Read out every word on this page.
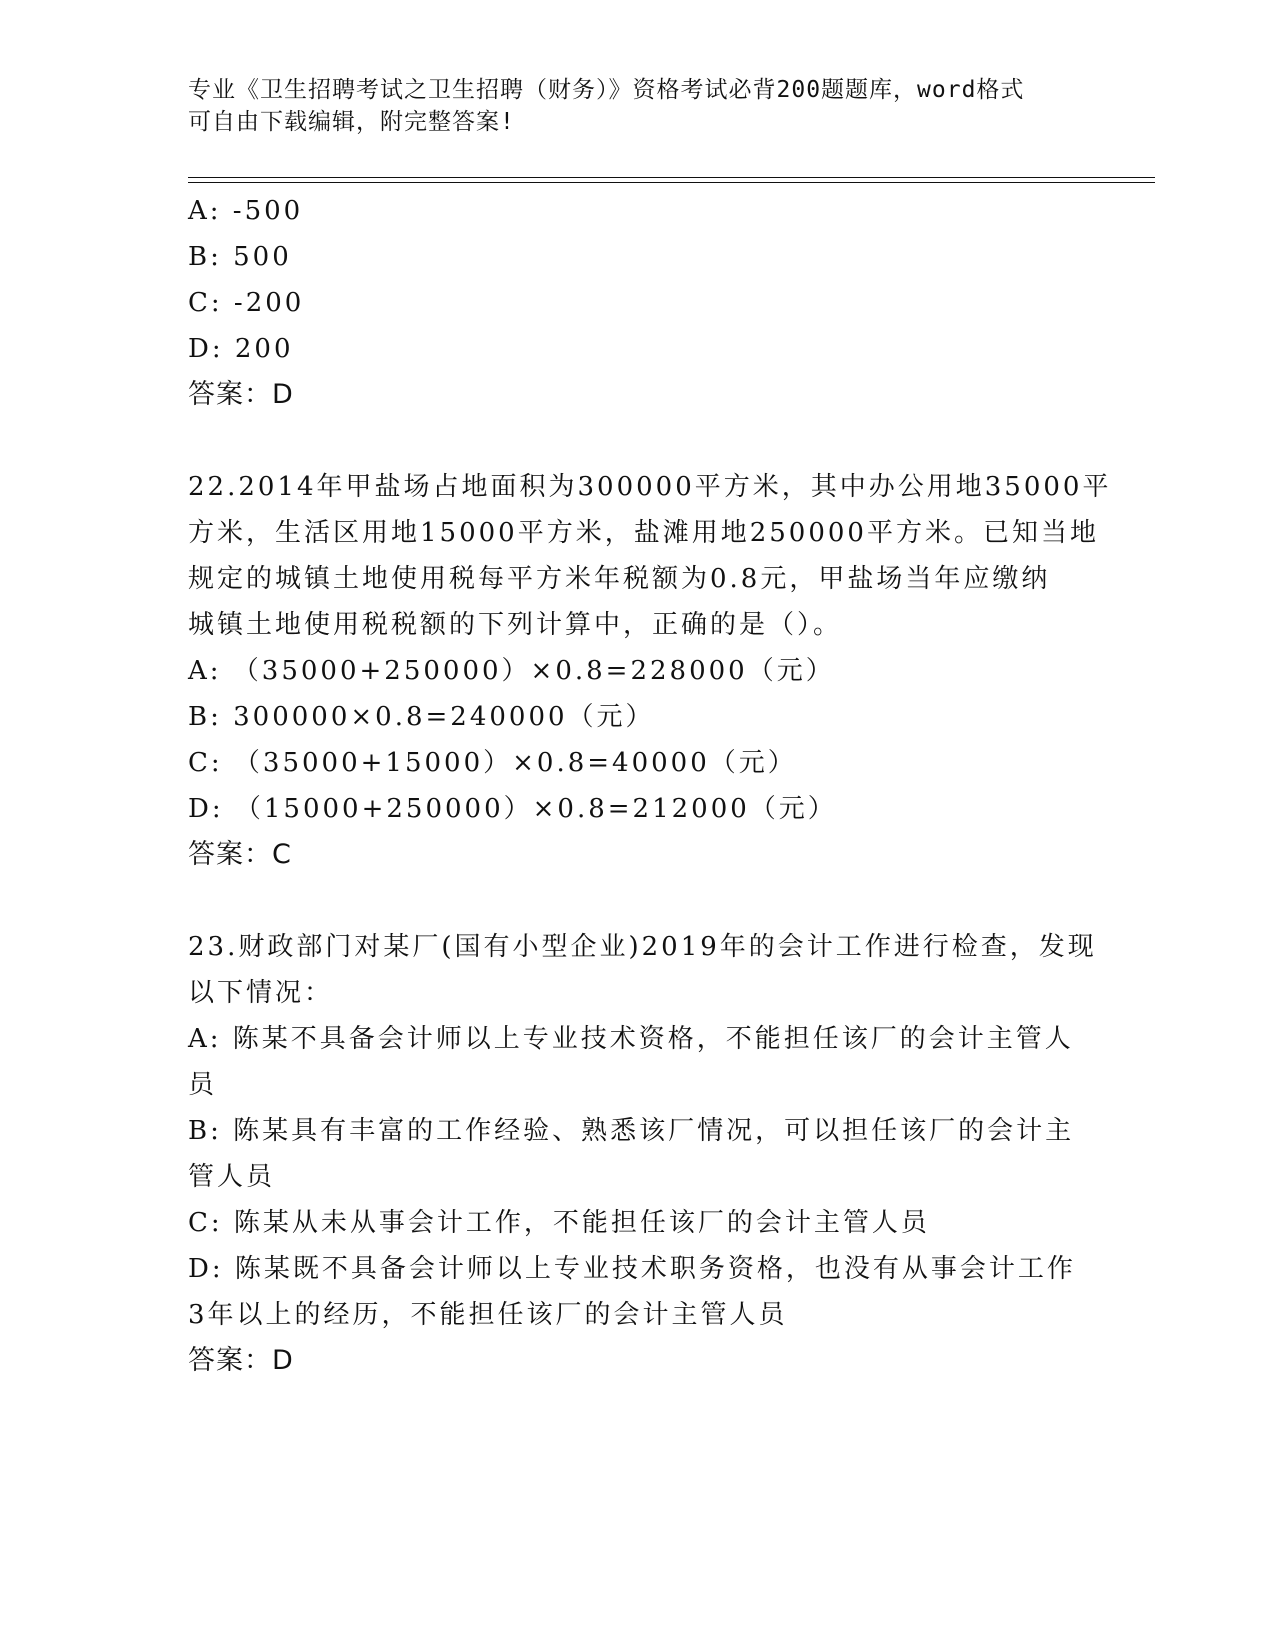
专业《卫生招聘考试之卫生招聘（财务）》资格考试必背200题题库，word格式
可自由下载编辑，附完整答案!

A: -500

B: 500

C: -200

D: 200

答案：D

22.2014年甲盐场占地面积为300000平方米，其中办公用地35000平

方米，生活区用地15000平方米，盐滩用地250000平方米。已知当地

规定的城镇土地使用税每平方米年税额为0.8元，甲盐场当年应缴纳

城镇土地使用税税额的下列计算中，正确的是（）。

A: （35000+250000）×0.8=228000（元）

B: 300000×0.8=240000（元）

C: （35000+15000）×0.8=40000（元）

D: （15000+250000）×0.8=212000（元）

答案：C

23.财政部门对某厂(国有小型企业)2019年的会计工作进行检查，发现

以下情况：

A: 陈某不具备会计师以上专业技术资格，不能担任该厂的会计主管人

员

B: 陈某具有丰富的工作经验、熟悉该厂情况，可以担任该厂的会计主

管人员

C: 陈某从未从事会计工作，不能担任该厂的会计主管人员

D: 陈某既不具备会计师以上专业技术职务资格，也没有从事会计工作

3年以上的经历，不能担任该厂的会计主管人员

答案：D
